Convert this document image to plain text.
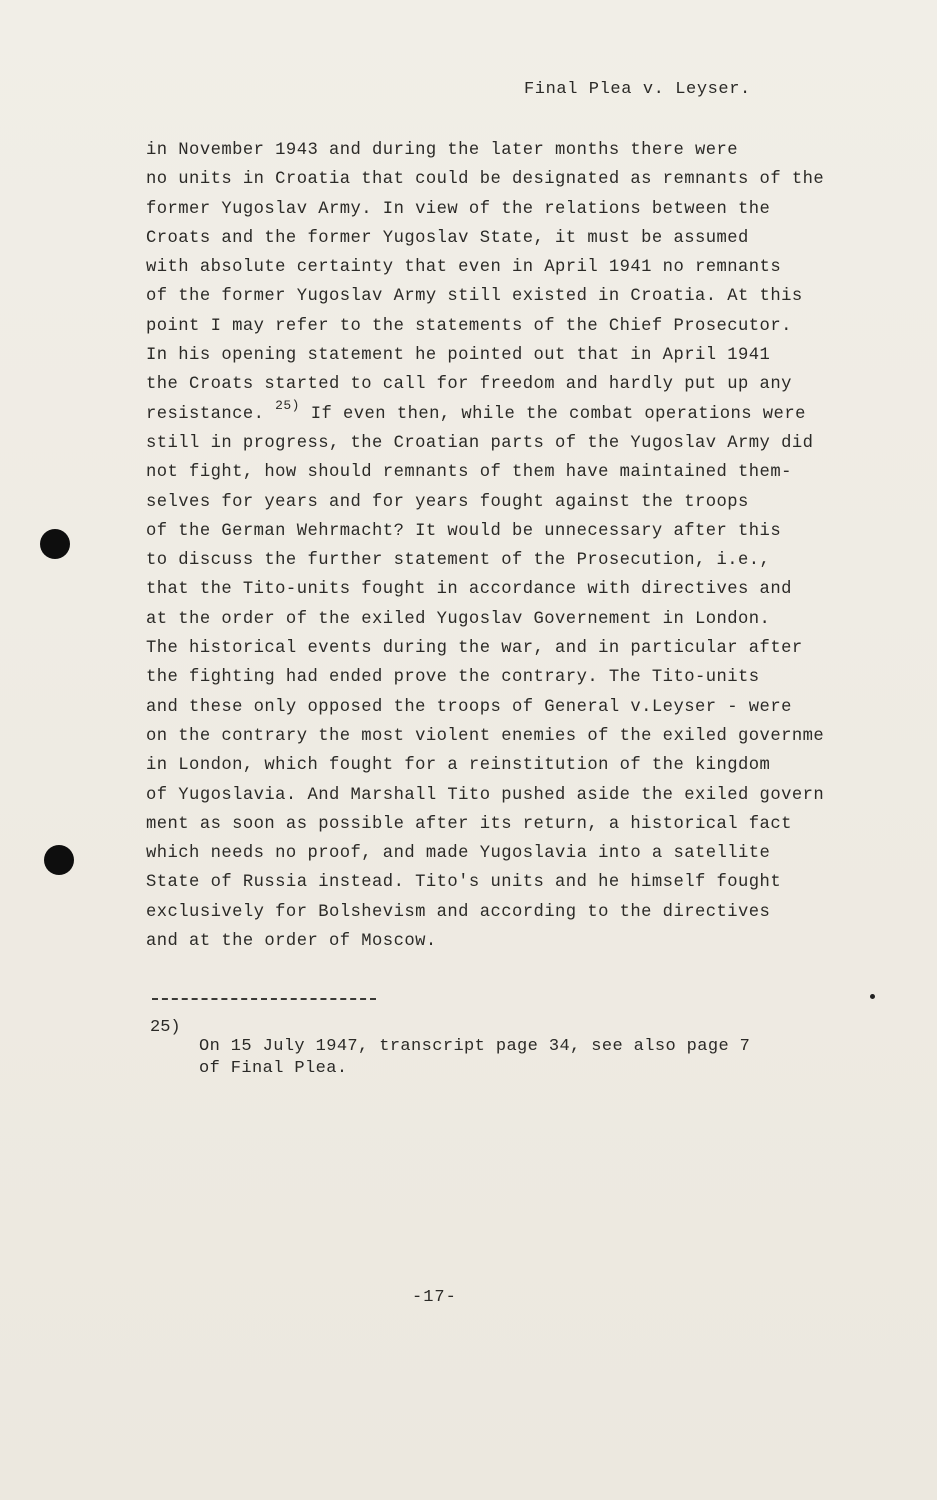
Final Plea v. Leyser.
in November 1943 and during the later months there were
no units in Croatia that could be designated as remnants of the
former Yugoslav Army. In view of the relations between the
Croats and the former Yugoslav State, it must be assumed
with absolute certainty that even in April 1941 no remnants
of the former Yugoslav Army still existed in Croatia. At this
point I may refer to the statements of the Chief Prosecutor.
In his opening statement he pointed out that in April 1941
the Croats started to call for freedom and hardly put up any
resistance. $^{25)}$ If even then, while the combat operations were
still in progress, the Croatian parts of the Yugoslav Army did
not fight, how should remnants of them have maintained them-
selves for years and for years fought against the troops
of the German Wehrmacht? It would be unnecessary after this
to discuss the further statement of the Prosecution, i.e.,
that the Tito-units fought in accordance with directives and
at the order of the exiled Yugoslav Governement in London.
The historical events during the war, and in particular after
the fighting had ended prove the contrary. The Tito-units
and these only opposed the troops of General v.Leyser - were
on the contrary the most violent enemies of the exiled governme
in London, which fought for a reinstitution of the kingdom
of Yugoslavia. And Marshall Tito pushed aside the exiled govern
ment as soon as possible after its return, a historical fact
which needs no proof, and made Yugoslavia into a satellite
State of Russia instead. Tito's units and he himself fought
exclusively for Bolshevism and according to the directives
and at the order of Moscow.
25)
On 15 July 1947, transcript page 34, see also page 7
of Final Plea.
-17-
